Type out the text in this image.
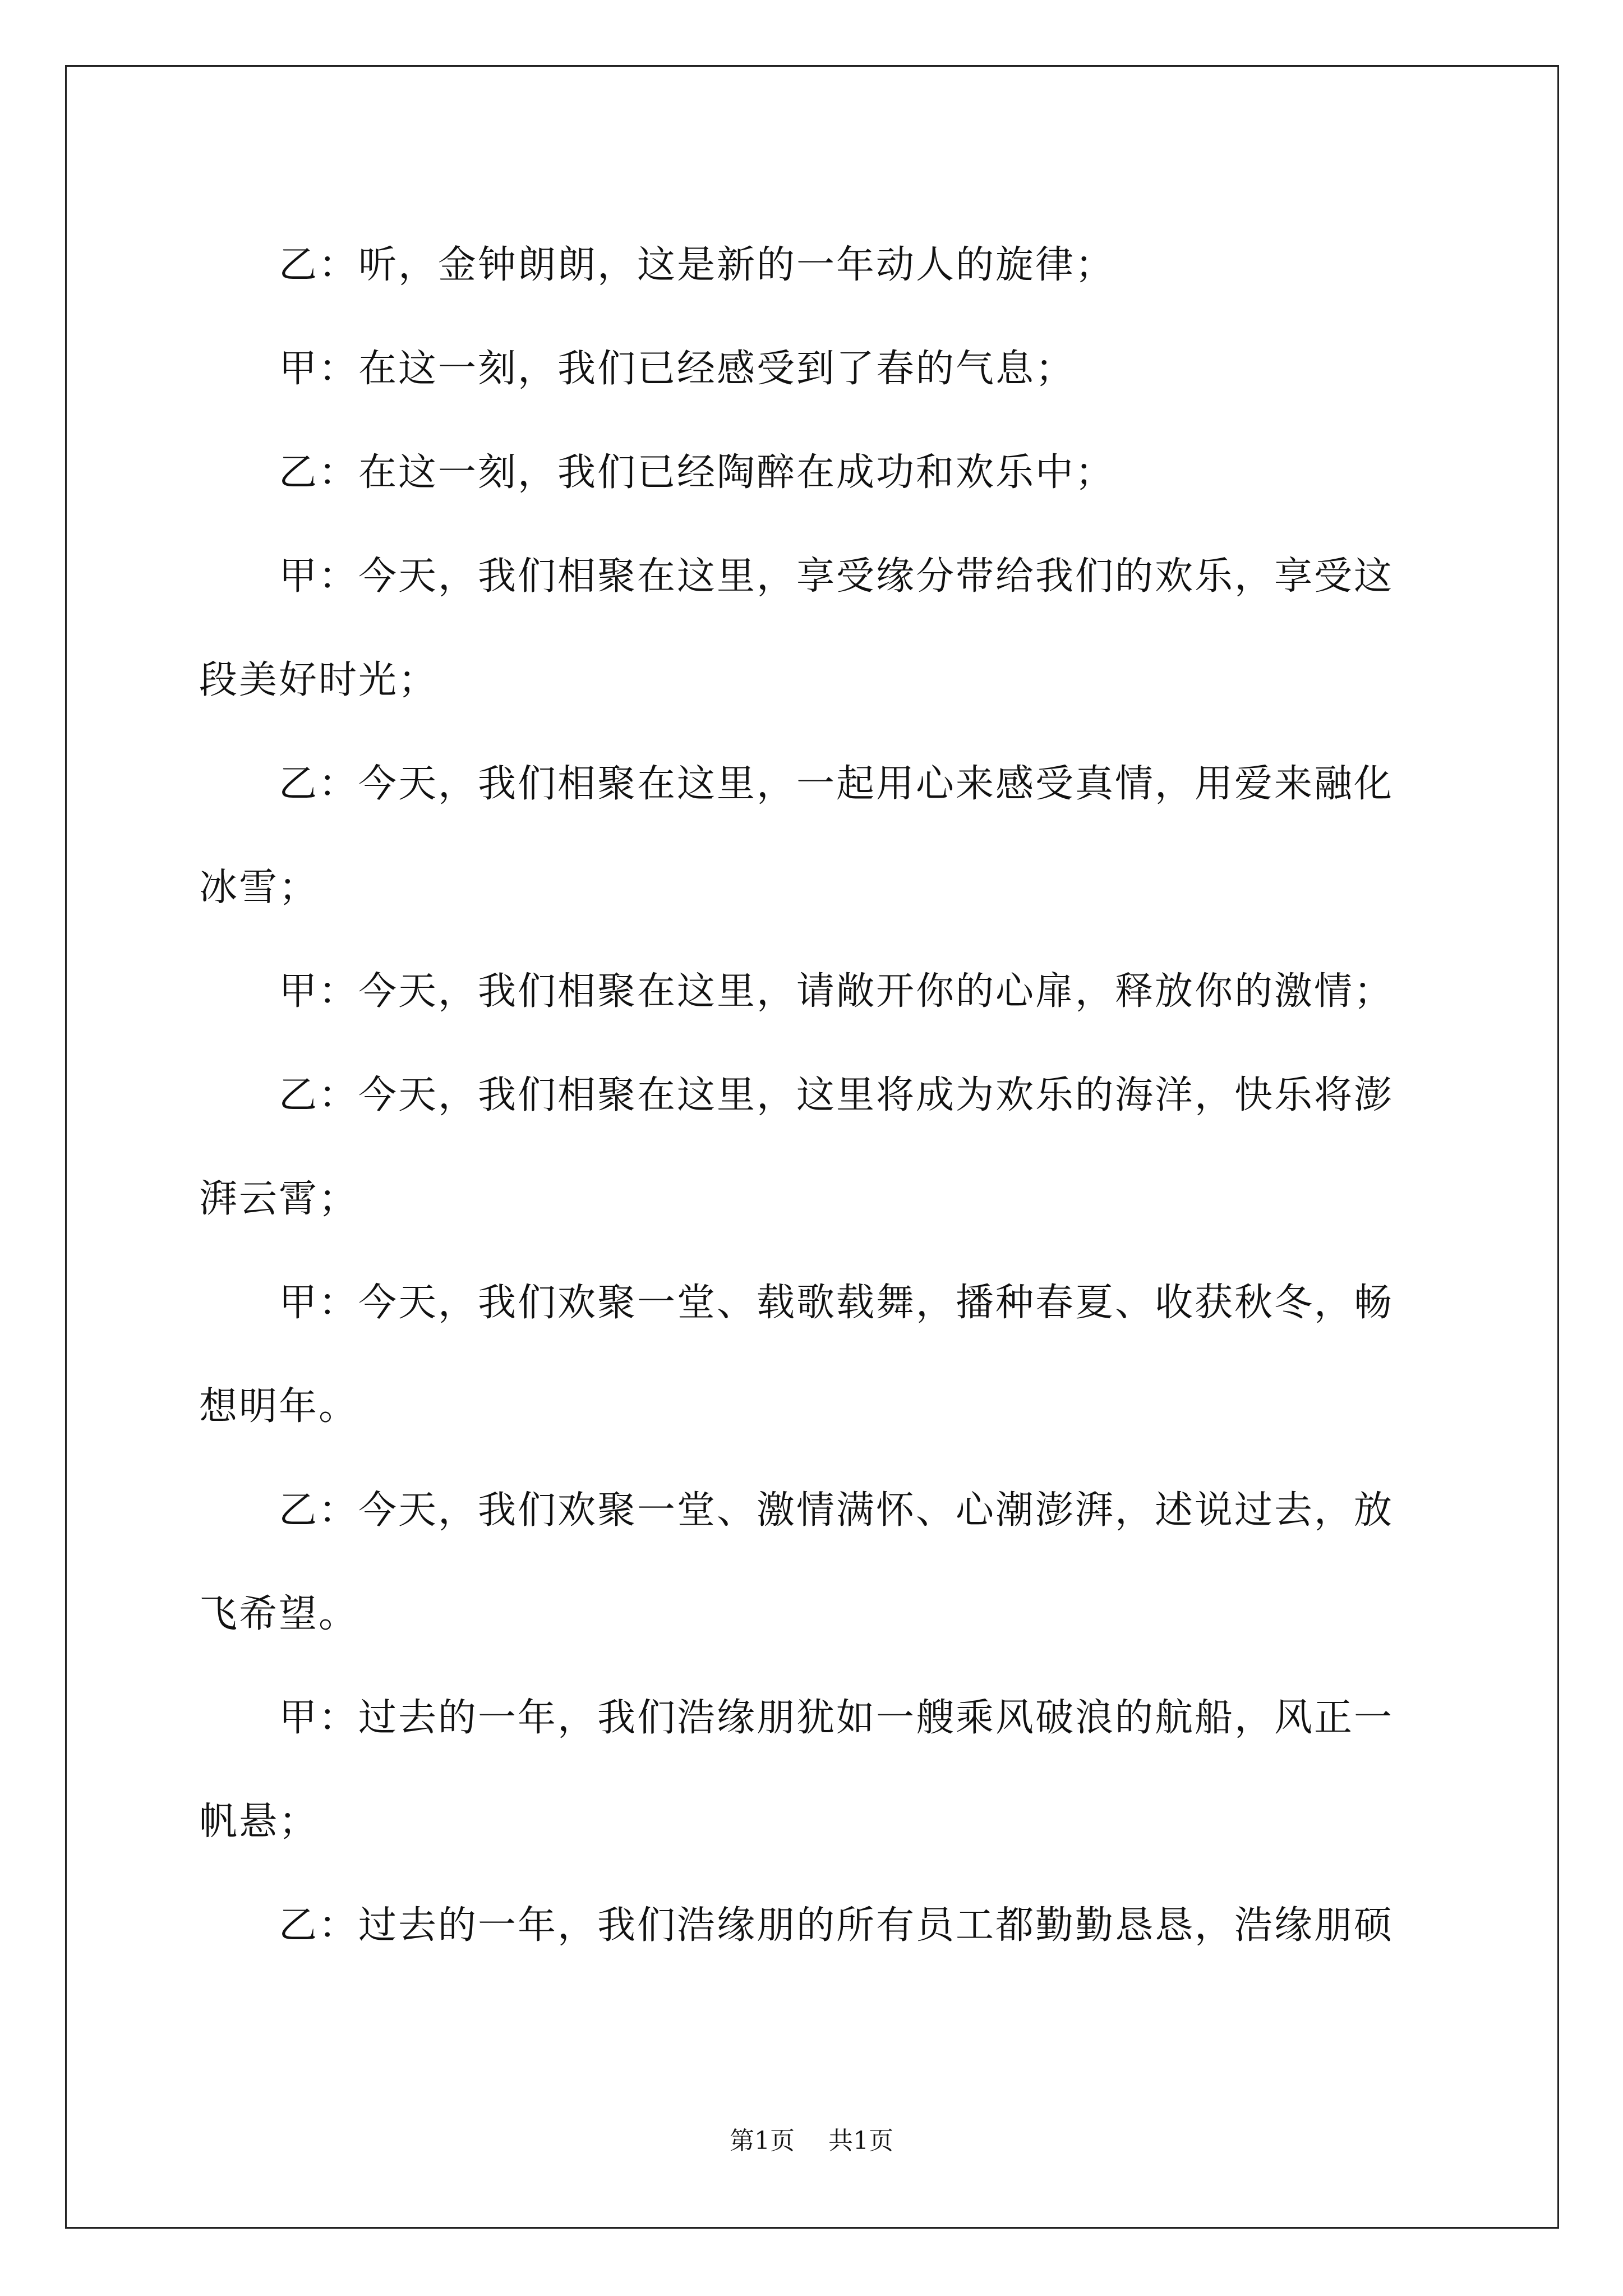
乙：听，金钟朗朗，这是新的一年动人的旋律；

甲：在这一刻，我们已经感受到了春的气息；

乙：在这一刻，我们已经陶醉在成功和欢乐中；

甲：今天，我们相聚在这里，享受缘分带给我们的欢乐，享受这段美好时光；

乙：今天，我们相聚在这里，一起用心来感受真情，用爱来融化冰雪；

甲：今天，我们相聚在这里，请敞开你的心扉，释放你的激情；

乙：今天，我们相聚在这里，这里将成为欢乐的海洋，快乐将澎湃云霄；

甲：今天，我们欢聚一堂、载歌载舞，播种春夏、收获秋冬，畅想明年。

乙：今天，我们欢聚一堂、激情满怀、心潮澎湃，述说过去，放飞希望。

甲：过去的一年，我们浩缘朋犹如一艘乘风破浪的航船，风正一帆悬；

乙：过去的一年，我们浩缘朋的所有员工都勤勤恳恳，浩缘朋硕

第1页 共1页
